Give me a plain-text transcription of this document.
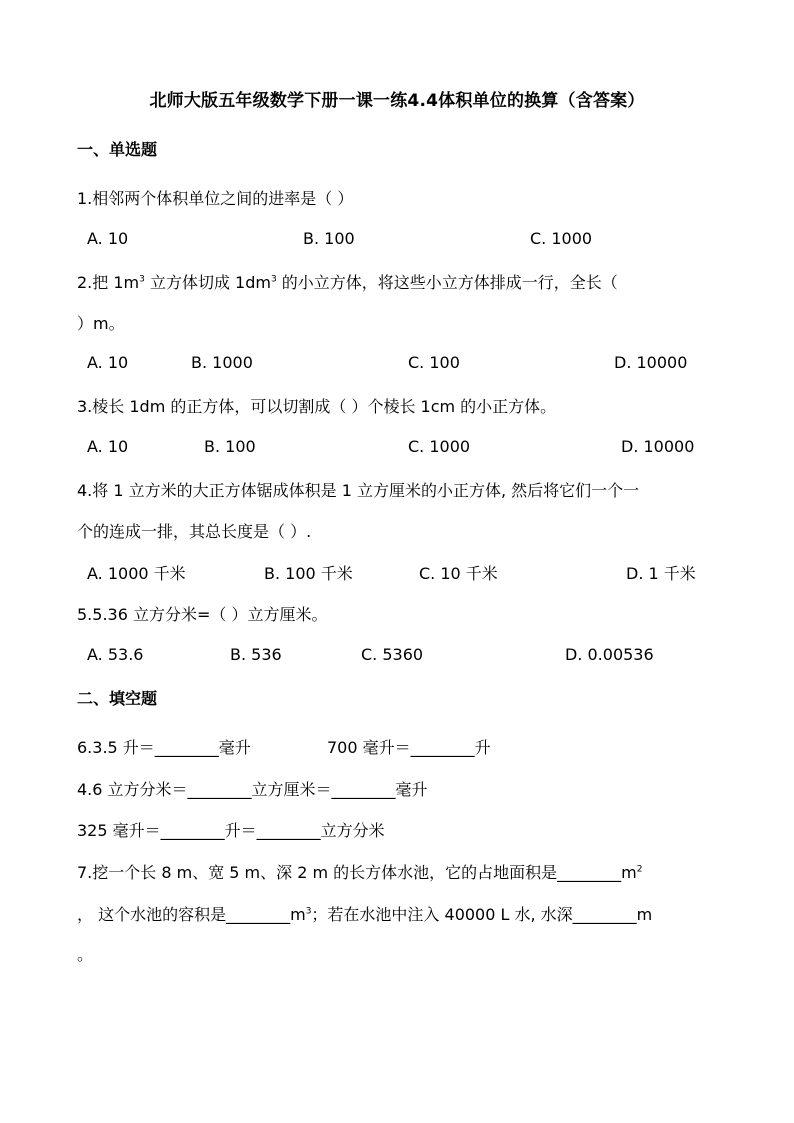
北师大版五年级数学下册一课一练4.4体积单位的换算（含答案）
一、单选题
1.相邻两个体积单位之间的进率是（ ）
A. 10	B. 100	C. 1000
2.把 $1m^3$ 立方体切成 $1dm^3$ 的小立方体，将这些小立方体排成一行，全长（
）m。
A. 10	B. 1000	C. 100	D. 10000
3.棱长 1dm 的正方体，可以切割成（ ）个棱长 1cm 的小正方体。
A. 10	B. 100	C. 1000	D. 10000
4.将 1 立方米的大正方体锯成体积是 1 立方厘米的小正方体, 然后将它们一个一
个的连成一排，其总长度是（ ）.
A. 1000 千米	B. 100 千米	C. 10 千米	D. 1 千米
5.5.36 立方分米=（ ）立方厘米。
A. 53.6	B. 536	C. 5360	D. 0.00536
二、填空题
6.3.5 升＝________毫升	700 毫升＝________升
4.6 立方分米＝________立方厘米＝________毫升
325 毫升＝________升＝________立方分米
7.挖一个长 8 m、宽 5 m、深 2 m 的长方体水池，它的占地面积是$\_\_\_\_\_\_\_\_m^2$
， 这个水池的容积是$\_\_\_\_\_\_\_\_m^3$；若在水池中注入 40000 L 水, 水深________m
。
